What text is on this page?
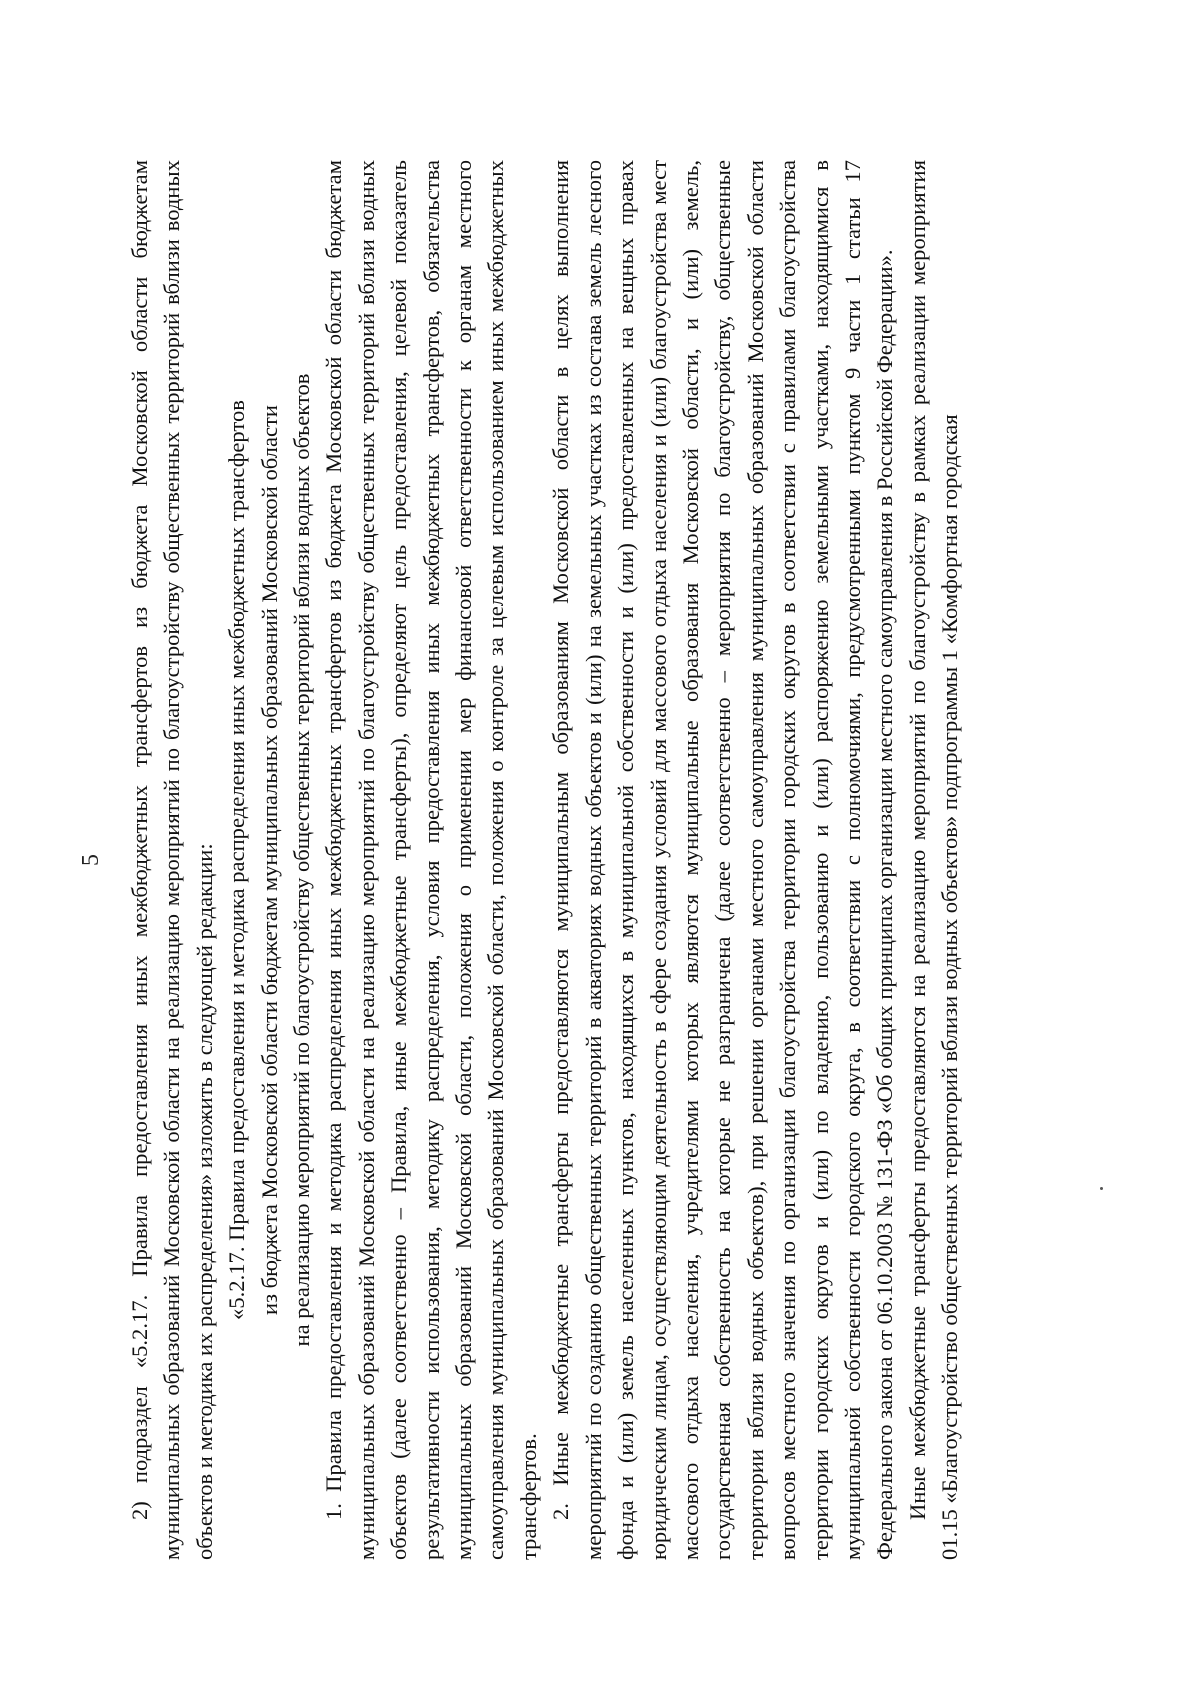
5 2) подраздел «5.2.17. Правила предоставления иных межбюджетных трансфертов из бюджета Московской области бюджетам муниципальных образований Московской области на реализацию мероприятий по благоустройству общественных территорий вблизи водных объектов и методика их распределения» изложить в следующей редакции: «5.2.17. Правила предоставления и методика распределения иных межбюджетных трансфертов из бюджета Московской области бюджетам муниципальных образований Московской области на реализацию мероприятий по благоустройству общественных территорий вблизи водных объектов 1. Правила предоставления и методика распределения иных межбюджетных трансфертов из бюджета Московской области бюджетам муниципальных образований Московской области на реализацию мероприятий по благоустройству общественных территорий вблизи водных объектов (далее соответственно – Правила, иные межбюджетные трансферты), определяют цель предоставления, целевой показатель результативности использования, методику распределения, условия предоставления иных межбюджетных трансфертов, обязательства муниципальных образований Московской области, положения о применении мер финансовой ответственности к органам местного самоуправления муниципальных образований Московской области, положения о контроле за целевым использованием иных межбюджетных трансфертов. 2. Иные межбюджетные трансферты предоставляются муниципальным образованиям Московской области в целях выполнения мероприятий по созданию общественных территорий в акваториях водных объектов и (или) на земельных участках из состава земель лесного фонда и (или) земель населенных пунктов, находящихся в муниципальной собственности и (или) предоставленных на вещных правах юридическим лицам, осуществляющим деятельность в сфере создания условий для массового отдыха населения и (или) благоустройства мест массового отдыха населения, учредителями которых являются муниципальные образования Московской области, и (или) земель, государственная собственность на которые не разграничена (далее соответственно – мероприятия по благоустройству, общественные территории вблизи водных объектов), при решении органами местного самоуправления муниципальных образований Московской области вопросов местного значения по организации благоустройства территории городских округов в соответствии с правилами благоустройства территории городских округов и (или) по владению, пользованию и (или) распоряжению земельными участками, находящимися в муниципальной собственности городского округа, в соответствии с полномочиями, предусмотренными пунктом 9 части 1 статьи 17 Федерального закона от 06.10.2003 № 131-ФЗ «Об общих принципах организации местного самоуправления в Российской Федерации». Иные межбюджетные трансферты предоставляются на реализацию мероприятий по благоустройству в рамках реализации мероприятия 01.15 «Благоустройство общественных территорий вблизи водных объектов» подпрограммы 1 «Комфортная городская
